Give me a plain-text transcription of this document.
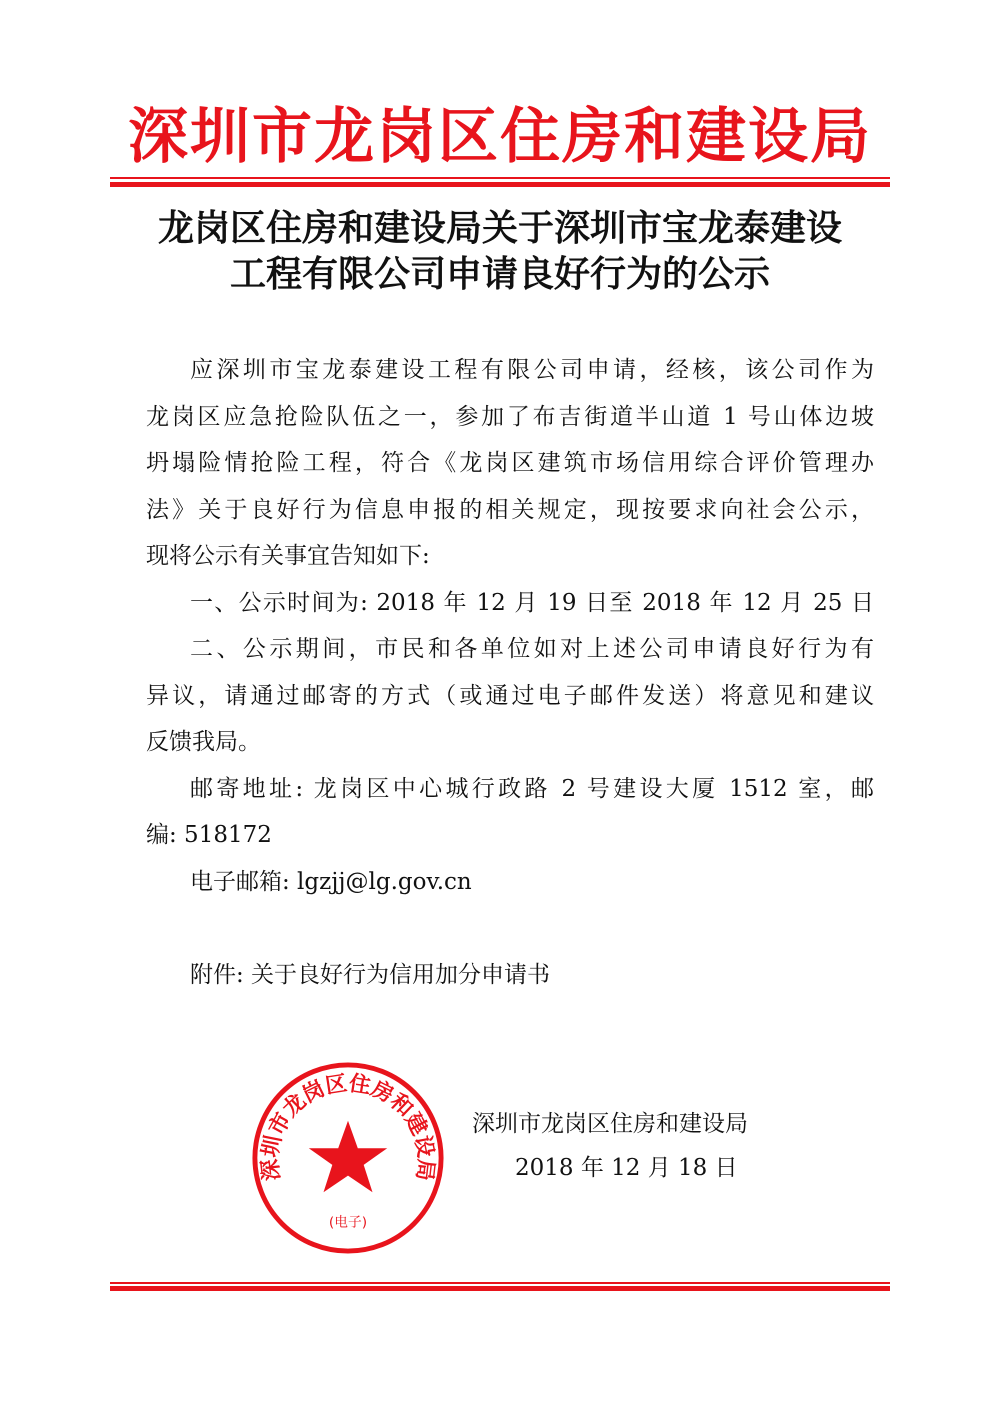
深圳市龙岗区住房和建设局
龙岗区住房和建设局关于深圳市宝龙泰建设
工程有限公司申请良好行为的公示
应深圳市宝龙泰建设工程有限公司申请，经核，该公司作为
龙岗区应急抢险队伍之一，参加了布吉街道半山道 1 号山体边坡
坍塌险情抢险工程，符合《龙岗区建筑市场信用综合评价管理办
法》关于良好行为信息申报的相关规定，现按要求向社会公示，
现将公示有关事宜告知如下:
一、公示时间为: 2018 年 12 月 19 日至 2018 年 12 月 25 日
二、公示期间，市民和各单位如对上述公司申请良好行为有
异议，请通过邮寄的方式（或通过电子邮件发送）将意见和建议
反馈我局。
邮寄地址: 龙岗区中心城行政路 2 号建设大厦 1512 室，邮
编: 518172
电子邮箱: lgzjj@lg.gov.cn
附件: 关于良好行为信用加分申请书
深圳市龙岗区住房和建设局
2018 年 12 月 18 日
深圳市龙岗区住房和建设局
(电子)
